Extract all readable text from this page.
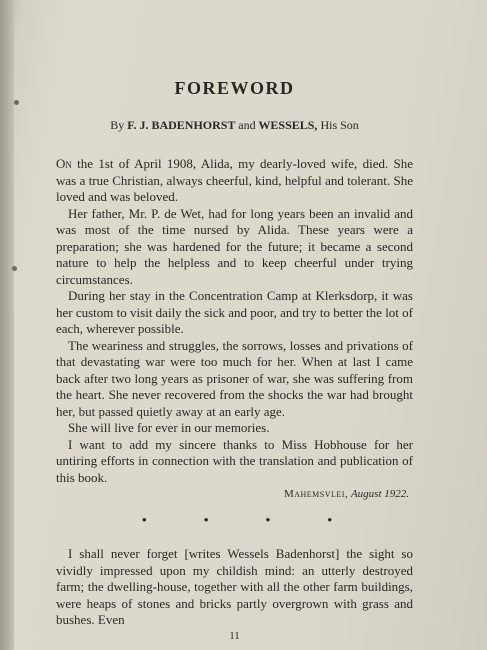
FOREWORD

By F. J. BADENHORST and WESSELS, His Son

On the 1st of April 1908, Alida, my dearly-loved wife, died. She was a true Christian, always cheerful, kind, helpful and tolerant. She loved and was beloved.

Her father, Mr. P. de Wet, had for long years been an invalid and was most of the time nursed by Alida. These years were a preparation; she was hardened for the future; it became a second nature to help the helpless and to keep cheerful under trying circumstances.

During her stay in the Concentration Camp at Klerksdorp, it was her custom to visit daily the sick and poor, and try to better the lot of each, wherever possible.

The weariness and struggles, the sorrows, losses and privations of that devastating war were too much for her. When at last I came back after two long years as prisoner of war, she was suffering from the heart. She never recovered from the shocks the war had brought her, but passed quietly away at an early age.

She will live for ever in our memories.

I want to add my sincere thanks to Miss Hobhouse for her untiring efforts in connection with the translation and publication of this book.

Mahemsvlei, August 1922.

•	•	•	•

I shall never forget [writes Wessels Badenhorst] the sight so vividly impressed upon my childish mind: an utterly destroyed farm; the dwelling-house, together with all the other farm buildings, were heaps of stones and bricks partly overgrown with grass and bushes. Even

11
